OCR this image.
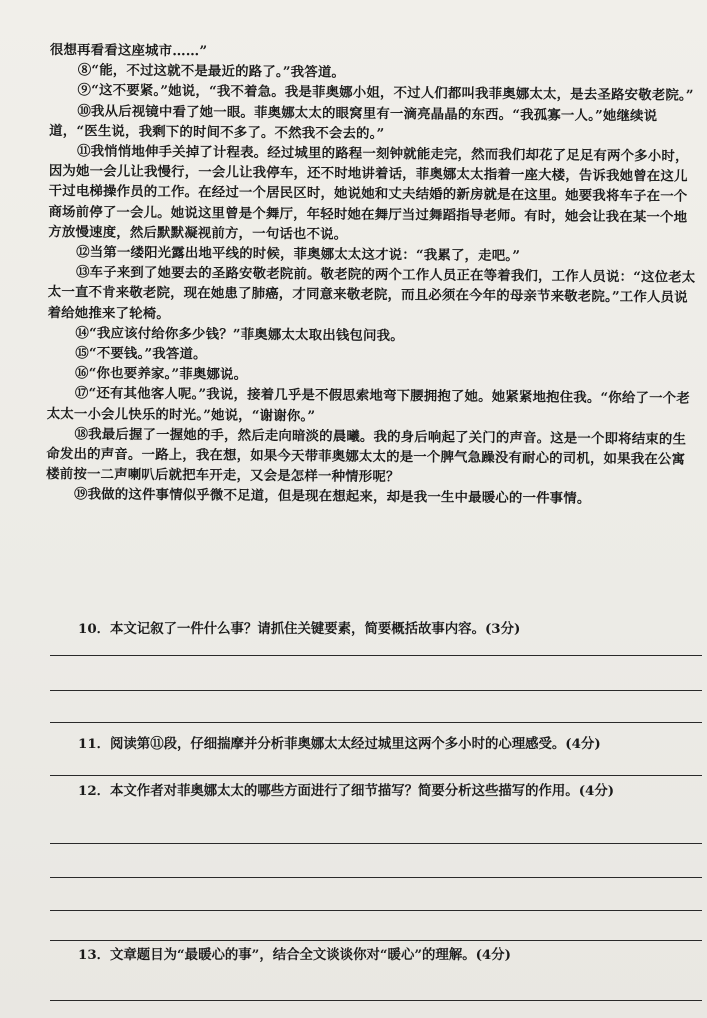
很想再看看这座城市……”

⑧“能，不过这就不是最近的路了。”我答道。

⑨“这不要紧。”她说，“我不着急。我是菲奥娜小姐，不过人们都叫我菲奥娜太太，是去圣路安敬老院。”

⑩我从后视镜中看了她一眼。菲奥娜太太的眼窝里有一滴亮晶晶的东西。“我孤寡一人。”她继续说道，“医生说，我剩下的时间不多了。不然我不会去的。”

⑪我悄悄地伸手关掉了计程表。经过城里的路程一刻钟就能走完，然而我们却花了足足有两个多小时，因为她一会儿让我慢行，一会儿让我停车，还不时地讲着话，菲奥娜太太指着一座大楼，告诉我她曾在这儿干过电梯操作员的工作。在经过一个居民区时，她说她和丈夫结婚的新房就是在这里。她要我将车子在一个商场前停了一会儿。她说这里曾是个舞厅，年轻时她在舞厅当过舞蹈指导老师。有时，她会让我在某一个地方放慢速度，然后默默凝视前方，一句话也不说。

⑫当第一缕阳光露出地平线的时候，菲奥娜太太这才说：“我累了，走吧。”

⑬车子来到了她要去的圣路安敬老院前。敬老院的两个工作人员正在等着我们，工作人员说：“这位老太太一直不肯来敬老院，现在她患了肺癌，才同意来敬老院，而且必须在今年的母亲节来敬老院。”工作人员说着给她推来了轮椅。

⑭“我应该付给你多少钱？”菲奥娜太太取出钱包问我。

⑮“不要钱。”我答道。

⑯“你也要养家。”菲奥娜说。

⑰“还有其他客人呢。”我说，接着几乎是不假思索地弯下腰拥抱了她。她紧紧地抱住我。“你给了一个老太太一小会儿快乐的时光。”她说，“谢谢你。”

⑱我最后握了一握她的手，然后走向暗淡的晨曦。我的身后响起了关门的声音。这是一个即将结束的生命发出的声音。一路上，我在想，如果今天带菲奥娜太太的是一个脾气急躁没有耐心的司机，如果我在公寓楼前按一二声喇叭后就把车开走，又会是怎样一种情形呢？

⑲我做的这件事情似乎微不足道，但是现在想起来，却是我一生中最暖心的一件事情。

10．本文记叙了一件什么事？请抓住关键要素，简要概括故事内容。(3分)
11．阅读第⑪段，仔细揣摩并分析菲奥娜太太经过城里这两个多小时的心理感受。(4分)
12．本文作者对菲奥娜太太的哪些方面进行了细节描写？简要分析这些描写的作用。(4分)
13．文章题目为“最暖心的事”，结合全文谈谈你对“暖心”的理解。(4分)
